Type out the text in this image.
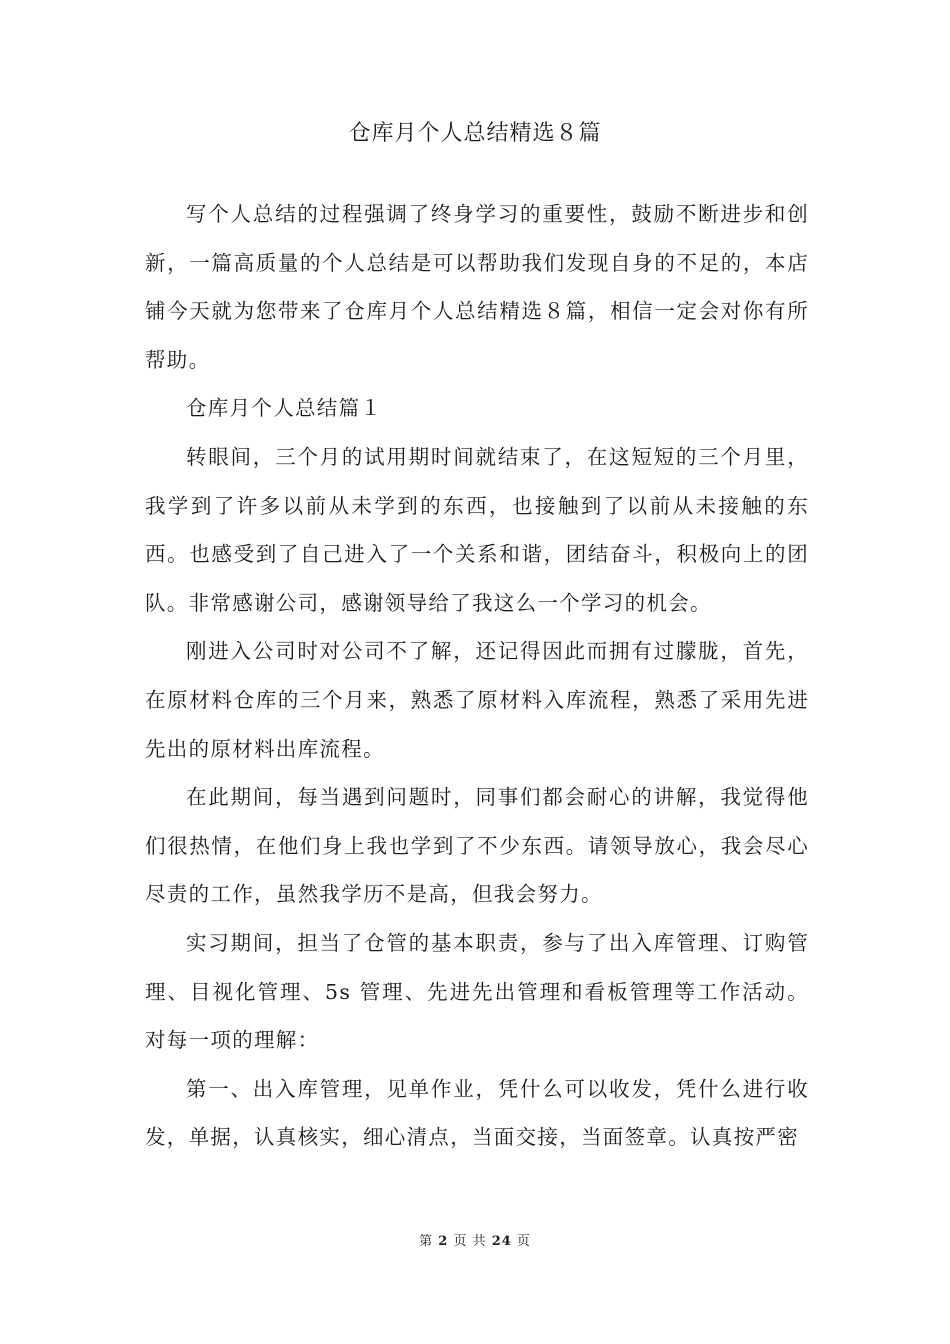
仓库月个人总结精选８篇

写个人总结的过程强调了终身学习的重要性，鼓励不断进步和创新，一篇高质量的个人总结是可以帮助我们发现自身的不足的，本店铺今天就为您带来了仓库月个人总结精选８篇，相信一定会对你有所帮助。

仓库月个人总结篇１

转眼间，三个月的试用期时间就结束了，在这短短的三个月里，我学到了许多以前从未学到的东西，也接触到了以前从未接触的东西。也感受到了自己进入了一个关系和谐，团结奋斗，积极向上的团队。非常感谢公司，感谢领导给了我这么一个学习的机会。

刚进入公司时对公司不了解，还记得因此而拥有过朦胧，首先，在原材料仓库的三个月来，熟悉了原材料入库流程，熟悉了采用先进先出的原材料出库流程。

在此期间，每当遇到问题时，同事们都会耐心的讲解，我觉得他们很热情，在他们身上我也学到了不少东西。请领导放心，我会尽心尽责的工作，虽然我学历不是高，但我会努力。

实习期间，担当了仓管的基本职责，参与了出入库管理、订购管理、目视化管理、5s 管理、先进先出管理和看板管理等工作活动。对每一项的理解：

第一、出入库管理，见单作业，凭什么可以收发，凭什么进行收发，单据，认真核实，细心清点，当面交接，当面签章。认真按严密

第 2 页 共 24 页
